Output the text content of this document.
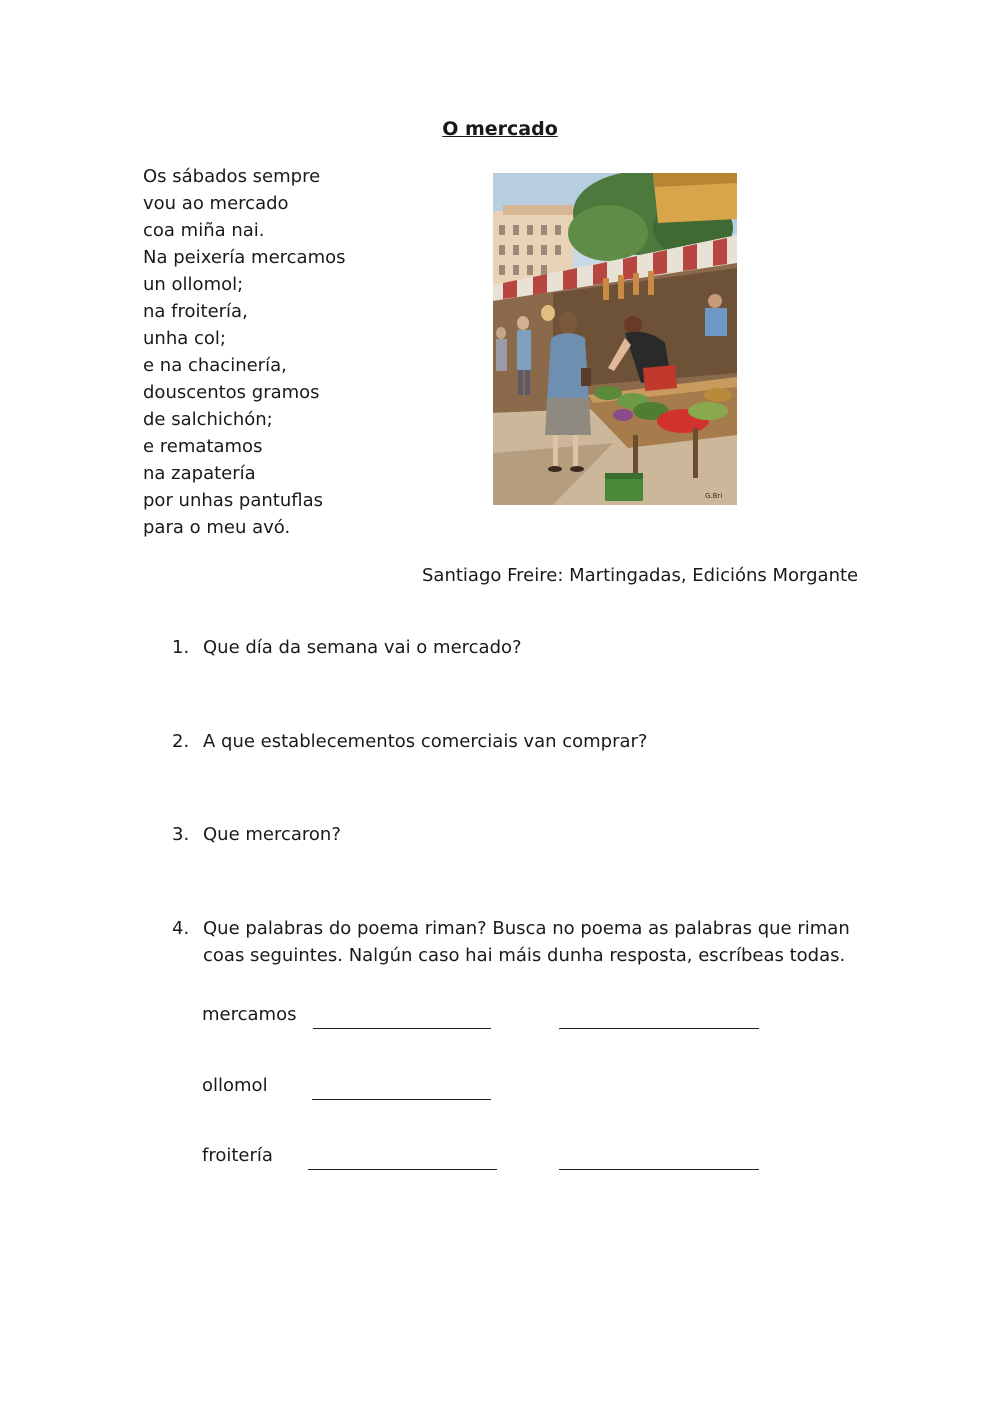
O mercado
Os sábados sempre
vou ao mercado
coa miña nai.
Na peixería mercamos
un ollomol;
na froitería,
unha col;
e na chacinería,
douscentos gramos
de salchichón;
e rematamos
na zapatería
por unhas pantuflas
para o meu avó.
G.Bri
Santiago Freire: Martingadas, Edicións Morgante
1. Que día da semana vai o mercado?
2. A que establecementos comerciais van comprar?
3. Que mercaron?
4. Que palabras do poema riman? Busca no poema as palabras que riman coas seguintes. Nalgún caso hai máis dunha resposta, escríbeas todas.
mercamos
ollomol
froitería
